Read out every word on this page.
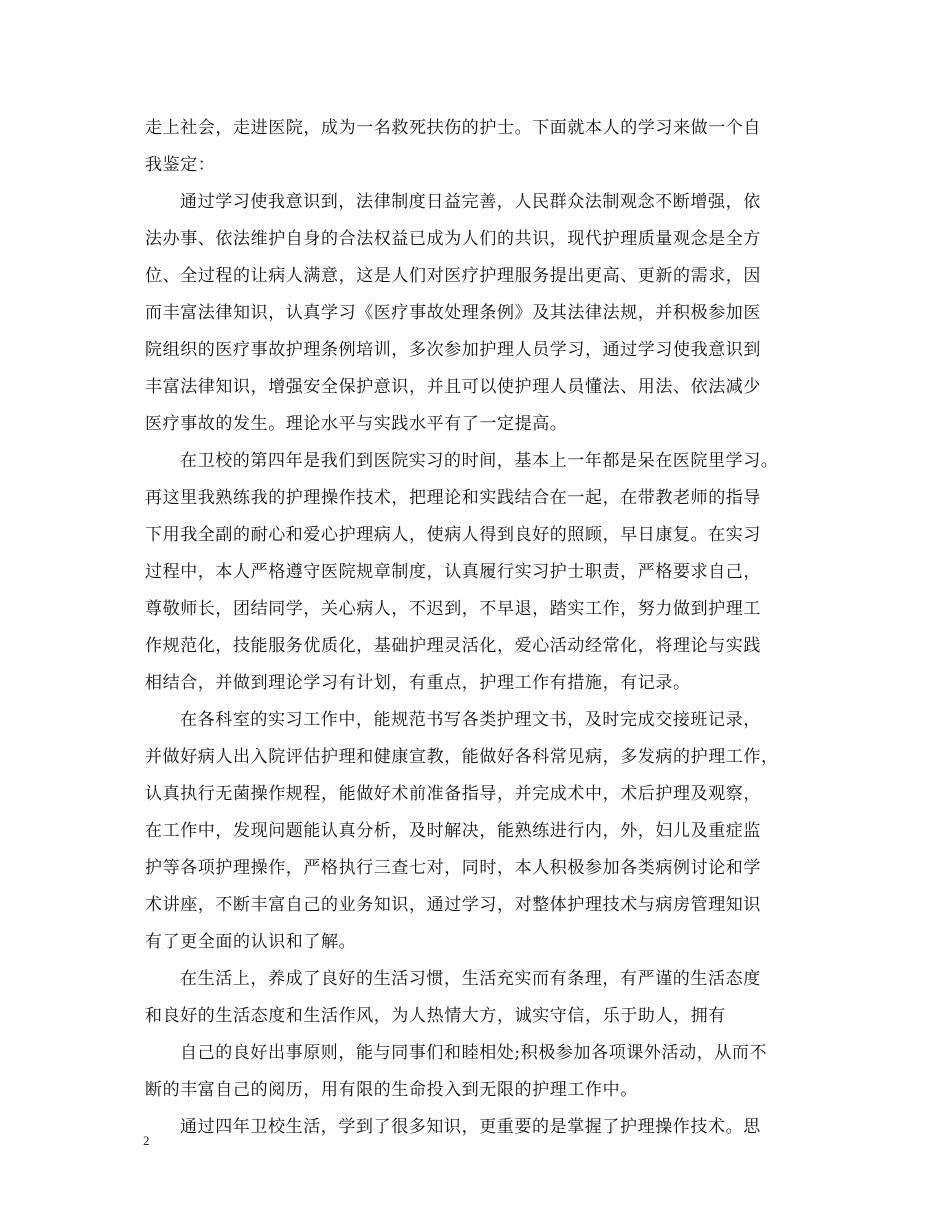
走上社会，走进医院，成为一名救死扶伤的护士。下面就本人的学习来做一个自
我鉴定：
通过学习使我意识到，法律制度日益完善，人民群众法制观念不断增强，依
法办事、依法维护自身的合法权益已成为人们的共识，现代护理质量观念是全方
位、全过程的让病人满意，这是人们对医疗护理服务提出更高、更新的需求，因
而丰富法律知识，认真学习《医疗事故处理条例》及其法律法规，并积极参加医
院组织的医疗事故护理条例培训，多次参加护理人员学习，通过学习使我意识到
丰富法律知识，增强安全保护意识，并且可以使护理人员懂法、用法、依法减少
医疗事故的发生。理论水平与实践水平有了一定提高。
在卫校的第四年是我们到医院实习的时间，基本上一年都是呆在医院里学习。
再这里我熟练我的护理操作技术，把理论和实践结合在一起，在带教老师的指导
下用我全副的耐心和爱心护理病人，使病人得到良好的照顾，早日康复。在实习
过程中，本人严格遵守医院规章制度，认真履行实习护士职责，严格要求自己，
尊敬师长，团结同学，关心病人，不迟到，不早退，踏实工作，努力做到护理工
作规范化，技能服务优质化，基础护理灵活化，爱心活动经常化，将理论与实践
相结合，并做到理论学习有计划，有重点，护理工作有措施，有记录。
在各科室的实习工作中，能规范书写各类护理文书，及时完成交接班记录，
并做好病人出入院评估护理和健康宣教，能做好各科常见病，多发病的护理工作，
认真执行无菌操作规程，能做好术前准备指导，并完成术中，术后护理及观察，
在工作中，发现问题能认真分析，及时解决，能熟练进行内，外，妇儿及重症监
护等各项护理操作，严格执行三查七对，同时，本人积极参加各类病例讨论和学
术讲座，不断丰富自己的业务知识，通过学习，对整体护理技术与病房管理知识
有了更全面的认识和了解。
在生活上，养成了良好的生活习惯，生活充实而有条理，有严谨的生活态度
和良好的生活态度和生活作风，为人热情大方，诚实守信，乐于助人，拥有
自己的良好出事原则，能与同事们和睦相处;积极参加各项课外活动，从而不
断的丰富自己的阅历，用有限的生命投入到无限的护理工作中。
通过四年卫校生活，学到了很多知识，更重要的是掌握了护理操作技术。思
2
